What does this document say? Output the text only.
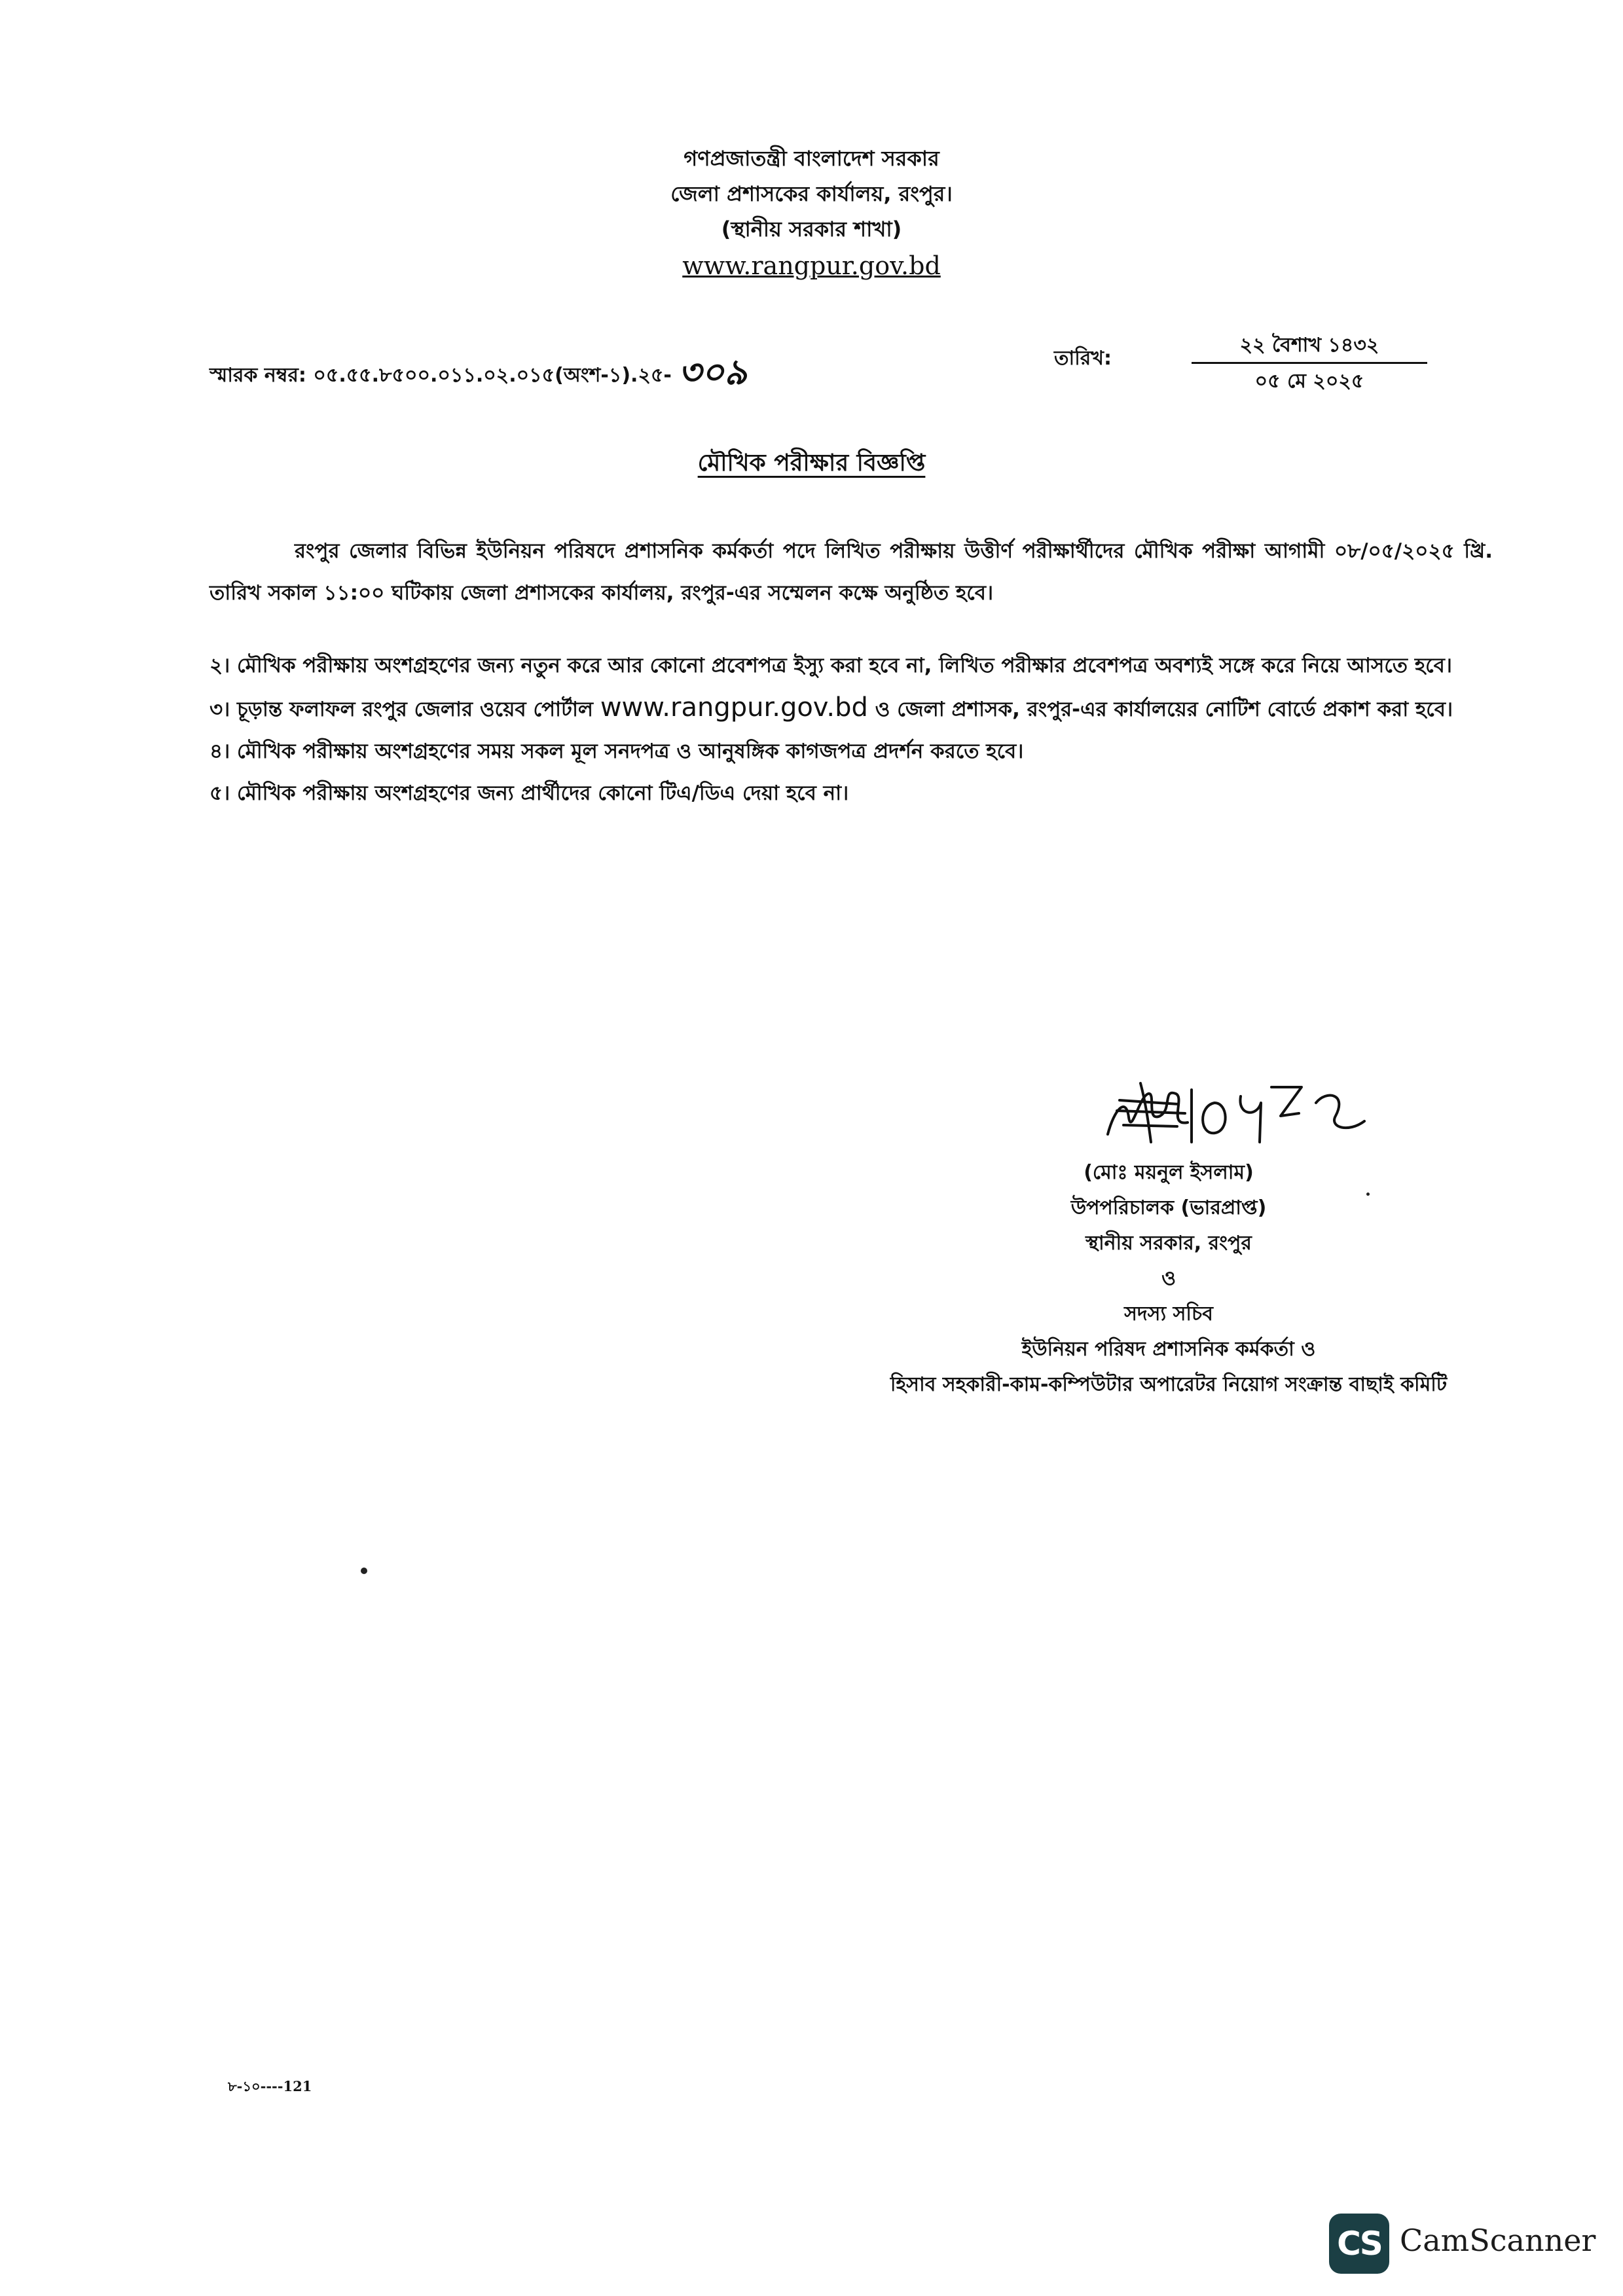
গণপ্রজাতন্ত্রী বাংলাদেশ সরকার
জেলা প্রশাসকের কার্যালয়, রংপুর।
(স্থানীয় সরকার শাখা)
www.rangpur.gov.bd
স্মারক নম্বর: ০৫.৫৫.৮৫০০.০১১.০২.০১৫(অংশ-১).২৫- ৩০৯	তারিখ:
২২ বৈশাখ ১৪৩২
০৫ মে ২০২৫
মৌখিক পরীক্ষার বিজ্ঞপ্তি
রংপুর জেলার বিভিন্ন ইউনিয়ন পরিষদে প্রশাসনিক কর্মকর্তা পদে লিখিত পরীক্ষায় উত্তীর্ণ পরীক্ষার্থীদের মৌখিক পরীক্ষা আগামী ০৮/০৫/২০২৫ খ্রি. তারিখ সকাল ১১:০০ ঘটিকায় জেলা প্রশাসকের কার্যালয়, রংপুর-এর সম্মেলন কক্ষে অনুষ্ঠিত হবে।

২। মৌখিক পরীক্ষায় অংশগ্রহণের জন্য নতুন করে আর কোনো প্রবেশপত্র ইস্যু করা হবে না, লিখিত পরীক্ষার প্রবেশপত্র অবশ্যই সঙ্গে করে নিয়ে আসতে হবে।

৩। চূড়ান্ত ফলাফল রংপুর জেলার ওয়েব পোর্টাল www.rangpur.gov.bd ও জেলা প্রশাসক, রংপুর-এর কার্যালয়ের নোটিশ বোর্ডে প্রকাশ করা হবে।

৪। মৌখিক পরীক্ষায় অংশগ্রহণের সময় সকল মূল সনদপত্র ও আনুষঙ্গিক কাগজপত্র প্রদর্শন করতে হবে।

৫। মৌখিক পরীক্ষায় অংশগ্রহণের জন্য প্রার্থীদের কোনো টিএ/ডিএ দেয়া হবে না।

(মোঃ ময়নুল ইসলাম)
উপপরিচালক (ভারপ্রাপ্ত)
স্থানীয় সরকার, রংপুর
ও
সদস্য সচিব
ইউনিয়ন পরিষদ প্রশাসনিক কর্মকর্তা ও
হিসাব সহকারী-কাম-কম্পিউটার অপারেটর নিয়োগ সংক্রান্ত বাছাই কমিটি
৮-১০----121
CS CamScanner
